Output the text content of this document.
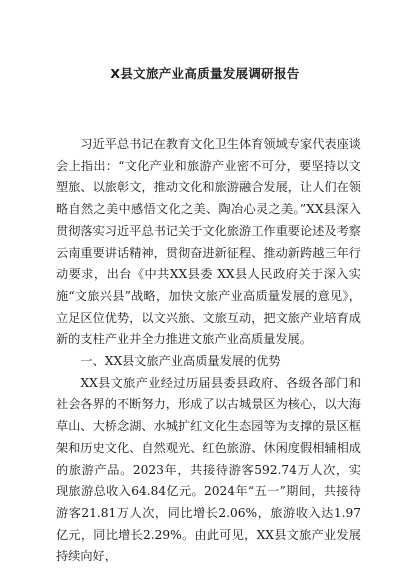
X县文旅产业高质量发展调研报告

习近平总书记在教育文化卫生体育领域专家代表座谈会上指出：“文化产业和旅游产业密不可分，要坚持以文塑旅、以旅彰文，推动文化和旅游融合发展，让人们在领略自然之美中感悟文化之美、陶冶心灵之美。”XX县深入贯彻落实习近平总书记关于文化旅游工作重要论述及考察云南重要讲话精神，贯彻奋进新征程、推动新跨越三年行动要求，出台《中共XX县委 XX县人民政府关于深入实施“文旅兴县”战略，加快文旅产业高质量发展的意见》，立足区位优势，以文兴旅、文旅互动，把文旅产业培育成新的支柱产业并全力推进文旅产业高质量发展。

一、XX县文旅产业高质量发展的优势

XX县文旅产业经过历届县委县政府、各级各部门和社会各界的不断努力，形成了以古城景区为核心，以大海草山、大桥念湖、水城扩红文化生态园等为支撑的景区框架和历史文化、自然观光、红色旅游、休闲度假相辅相成的旅游产品。2023年，共接待游客592.74万人次，实现旅游总收入64.84亿元。2024年“五一”期间，共接待游客21.81万人次，同比增长2.06%，旅游收入达1.97亿元，同比增长2.29%。由此可见，XX县文旅产业发展持续向好，
